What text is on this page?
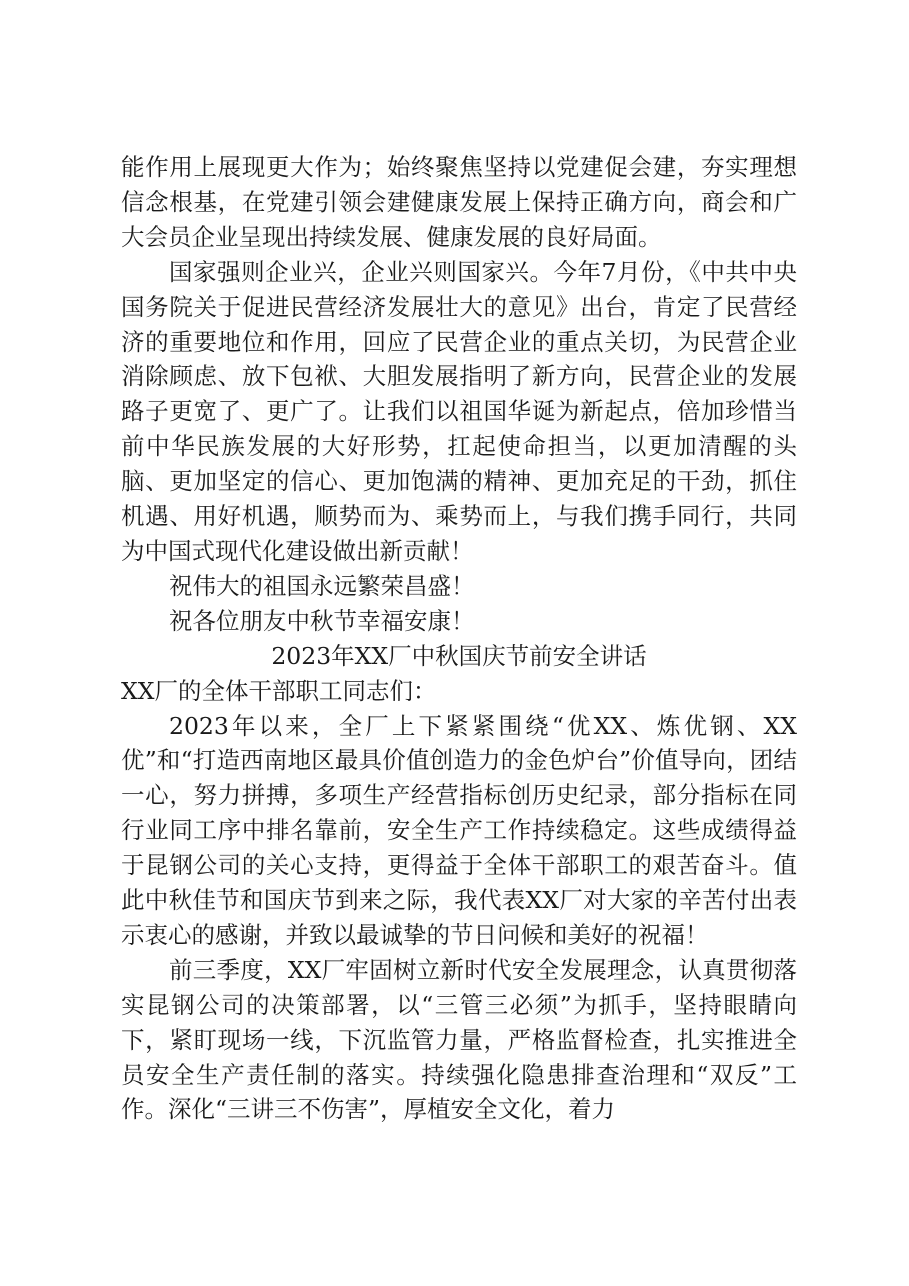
能作用上展现更大作为；始终聚焦坚持以党建促会建，夯实理想信念根基，在党建引领会建健康发展上保持正确方向，商会和广大会员企业呈现出持续发展、健康发展的良好局面。

国家强则企业兴，企业兴则国家兴。今年7月份，《中共中央国务院关于促进民营经济发展壮大的意见》出台，肯定了民营经济的重要地位和作用，回应了民营企业的重点关切，为民营企业消除顾虑、放下包袱、大胆发展指明了新方向，民营企业的发展路子更宽了、更广了。让我们以祖国华诞为新起点，倍加珍惜当前中华民族发展的大好形势，扛起使命担当，以更加清醒的头脑、更加坚定的信心、更加饱满的精神、更加充足的干劲，抓住机遇、用好机遇，顺势而为、乘势而上，与我们携手同行，共同为中国式现代化建设做出新贡献！

祝伟大的祖国永远繁荣昌盛！

祝各位朋友中秋节幸福安康！

2023年XX厂中秋国庆节前安全讲话

XX厂的全体干部职工同志们：

2023年以来，全厂上下紧紧围绕“优XX、炼优钢、XX优”和“打造西南地区最具价值创造力的金色炉台”价值导向，团结一心，努力拼搏，多项生产经营指标创历史纪录，部分指标在同行业同工序中排名靠前，安全生产工作持续稳定。这些成绩得益于昆钢公司的关心支持，更得益于全体干部职工的艰苦奋斗。值此中秋佳节和国庆节到来之际，我代表XX厂对大家的辛苦付出表示衷心的感谢，并致以最诚挚的节日问候和美好的祝福！

前三季度，XX厂牢固树立新时代安全发展理念，认真贯彻落实昆钢公司的决策部署，以“三管三必须”为抓手，坚持眼睛向下，紧盯现场一线，下沉监管力量，严格监督检查，扎实推进全员安全生产责任制的落实。持续强化隐患排查治理和“双反”工作。深化“三讲三不伤害”，厚植安全文化，着力
